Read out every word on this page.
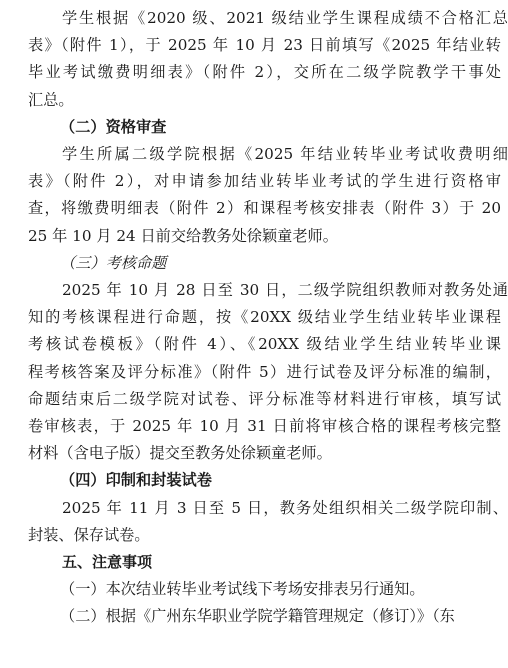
学生根据《2020 级、2021 级结业学生课程成绩不合格汇总
表》（附件 1），于 2025 年 10 月 23 日前填写《2025 年结业转
毕业考试缴费明细表》（附件 2），交所在二级学院教学干事处
汇总。
（二）资格审查
学生所属二级学院根据《2025 年结业转毕业考试收费明细
表》（附件 2），对申请参加结业转毕业考试的学生进行资格审
查，将缴费明细表（附件 2）和课程考核安排表（附件 3）于 20
25 年 10 月 24 日前交给教务处徐颖童老师。
（三）考核命题
2025 年 10 月 28 日至 30 日，二级学院组织教师对教务处通
知的考核课程进行命题，按《20XX 级结业学生结业转毕业课程
考核试卷模板》（附件 4）、《20XX 级结业学生结业转毕业课
程考核答案及评分标准》（附件 5）进行试卷及评分标准的编制，
命题结束后二级学院对试卷、评分标准等材料进行审核，填写试
卷审核表，于 2025 年 10 月 31 日前将审核合格的课程考核完整
材料（含电子版）提交至教务处徐颖童老师。
（四）印制和封装试卷
2025 年 11 月 3 日至 5 日，教务处组织相关二级学院印制、
封装、保存试卷。
五、注意事项
（一）本次结业转毕业考试线下考场安排表另行通知。
（二）根据《广州东华职业学院学籍管理规定（修订）》（东
